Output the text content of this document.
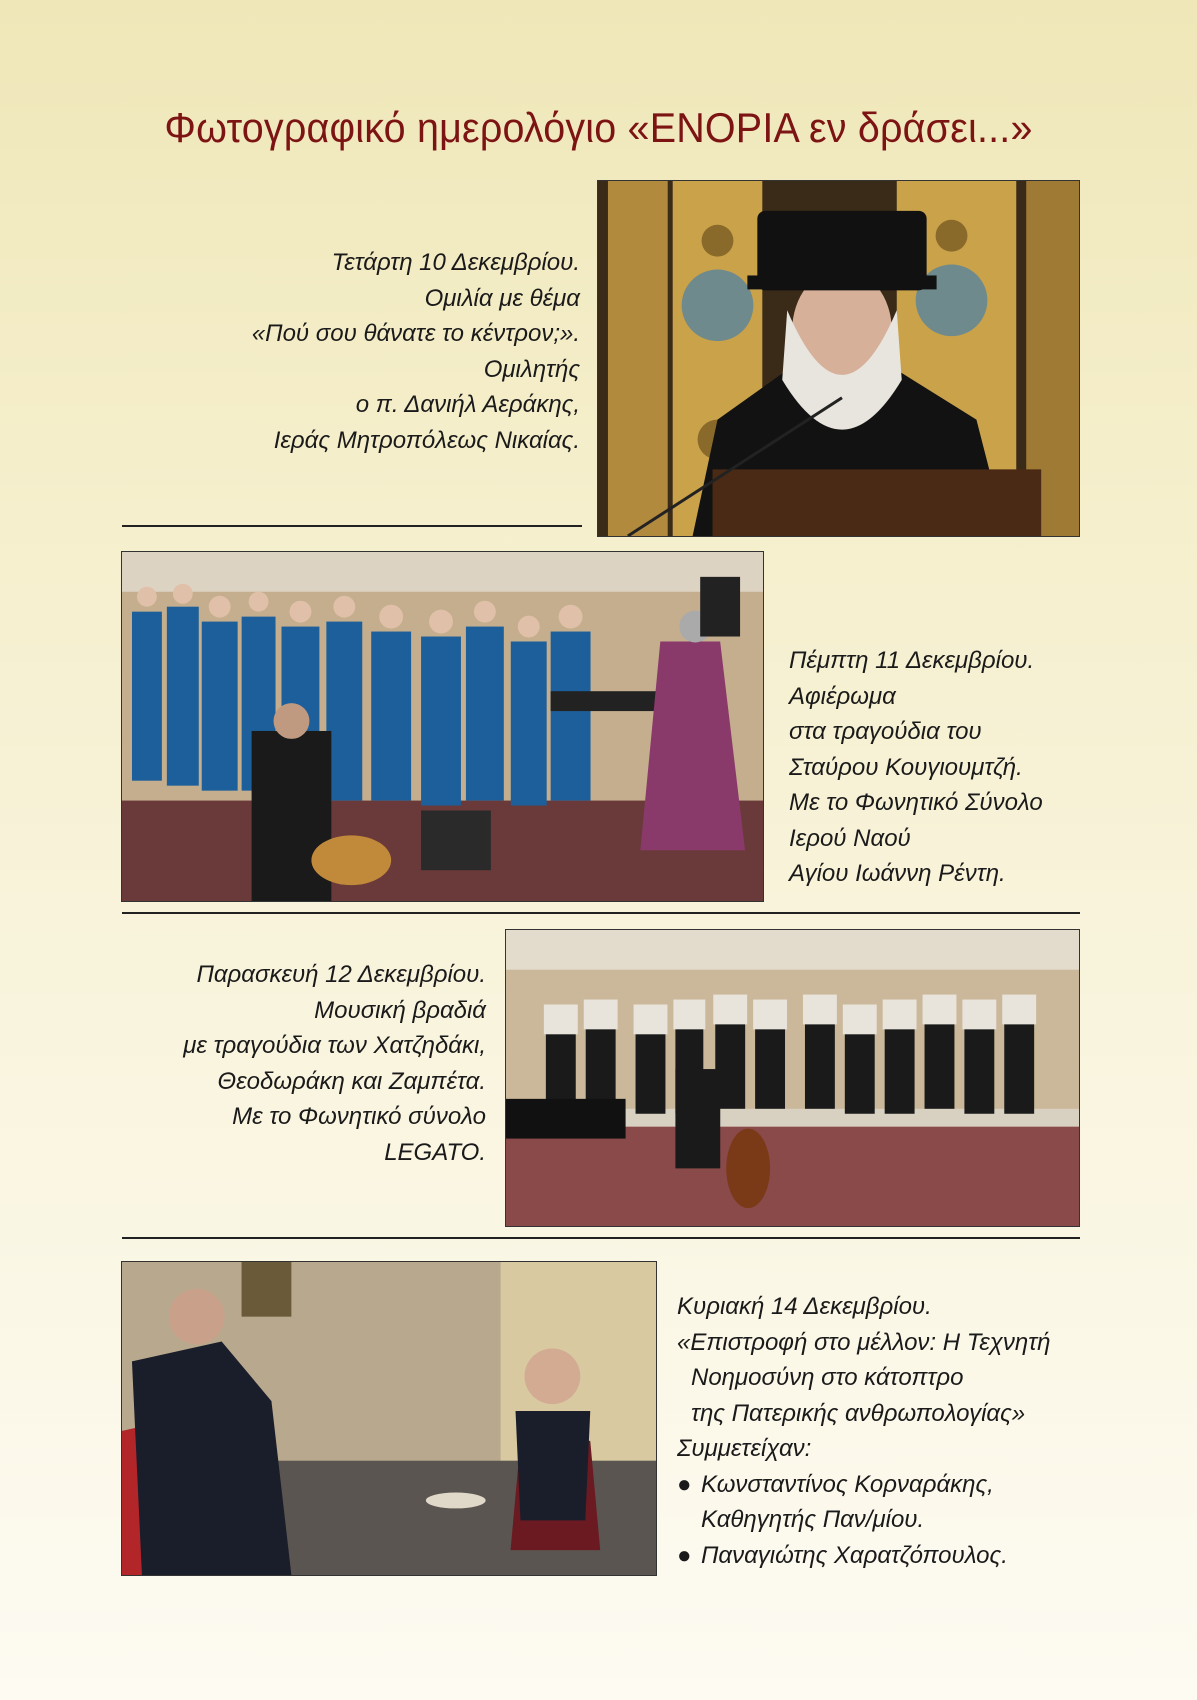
Φωτογραφικό ημερολόγιο «ΕΝΟΡΙΑ εν δράσει...»
Τετάρτη 10 Δεκεμβρίου.
Ομιλία με θέμα
«Πού σου θάνατε το κέντρον;».
Ομιλητής
ο π. Δανιήλ Αεράκης,
Ιεράς Μητροπόλεως Νικαίας.
Πέμπτη 11 Δεκεμβρίου.
Αφιέρωμα
στα τραγούδια του
Σταύρου Κουγιουμτζή.
Με το Φωνητικό Σύνολο
Ιερού Ναού
Αγίου Ιωάννη Ρέντη.
Παρασκευή 12 Δεκεμβρίου.
Μουσική βραδιά
με τραγούδια των Χατζηδάκι,
Θεοδωράκη και Ζαμπέτα.
Με το Φωνητικό σύνολο
LEGATO.
Κυριακή 14 Δεκεμβρίου.
«Επιστροφή στο μέλλον: Η Τεχνητή
Νοημοσύνη στο κάτοπτρο
της Πατερικής ανθρωπολογίας»
Συμμετείχαν:
● Κωνσταντίνος Κορναράκης,
Καθηγητής Παν/μίου.
● Παναγιώτης Χαρατζόπουλος.
